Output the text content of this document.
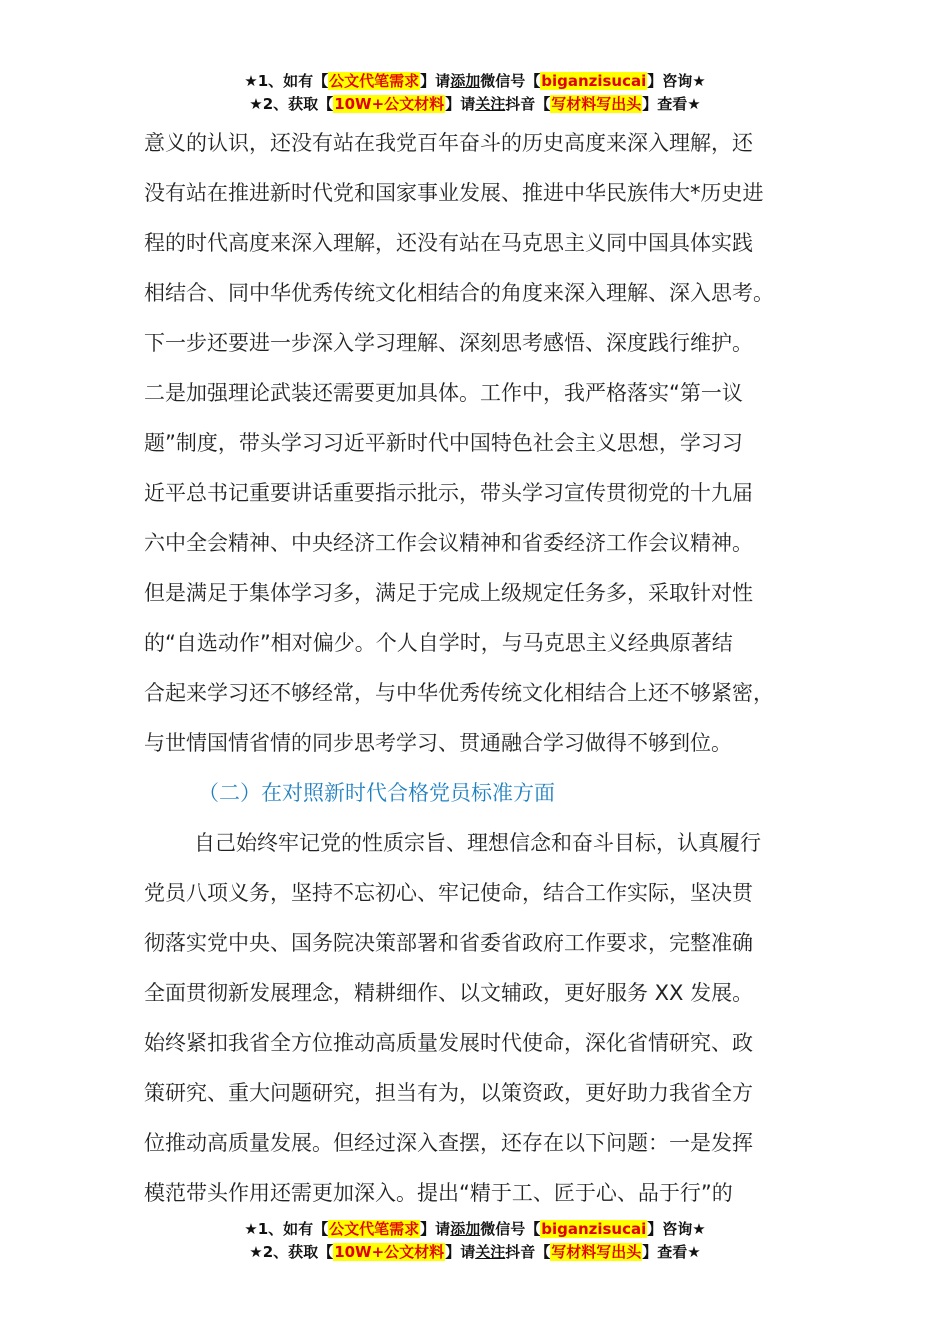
★1、如有【公文代笔需求】请添加微信号【biganzisucai】咨询★
★2、获取【10W+公文材料】请关注抖音【写材料写出头】查看★
意义的认识，还没有站在我党百年奋斗的历史高度来深入理解，还
没有站在推进新时代党和国家事业发展、推进中华民族伟大*历史进
程的时代高度来深入理解，还没有站在马克思主义同中国具体实践
相结合、同中华优秀传统文化相结合的角度来深入理解、深入思考。
下一步还要进一步深入学习理解、深刻思考感悟、深度践行维护。
二是加强理论武装还需要更加具体。工作中，我严格落实“第一议
题”制度，带头学习习近平新时代中国特色社会主义思想，学习习
近平总书记重要讲话重要指示批示，带头学习宣传贯彻党的十九届
六中全会精神、中央经济工作会议精神和省委经济工作会议精神。
但是满足于集体学习多，满足于完成上级规定任务多，采取针对性
的“自选动作”相对偏少。个人自学时，与马克思主义经典原著结
合起来学习还不够经常，与中华优秀传统文化相结合上还不够紧密，
与世情国情省情的同步思考学习、贯通融合学习做得不够到位。
（二）在对照新时代合格党员标准方面
自己始终牢记党的性质宗旨、理想信念和奋斗目标，认真履行
党员八项义务，坚持不忘初心、牢记使命，结合工作实际，坚决贯
彻落实党中央、国务院决策部署和省委省政府工作要求，完整准确
全面贯彻新发展理念，精耕细作、以文辅政，更好服务 XX 发展。
始终紧扣我省全方位推动高质量发展时代使命，深化省情研究、政
策研究、重大问题研究，担当有为，以策资政，更好助力我省全方
位推动高质量发展。但经过深入查摆，还存在以下问题：一是发挥
模范带头作用还需更加深入。提出“精于工、匠于心、品于行”的
★1、如有【公文代笔需求】请添加微信号【biganzisucai】咨询★
★2、获取【10W+公文材料】请关注抖音【写材料写出头】查看★
